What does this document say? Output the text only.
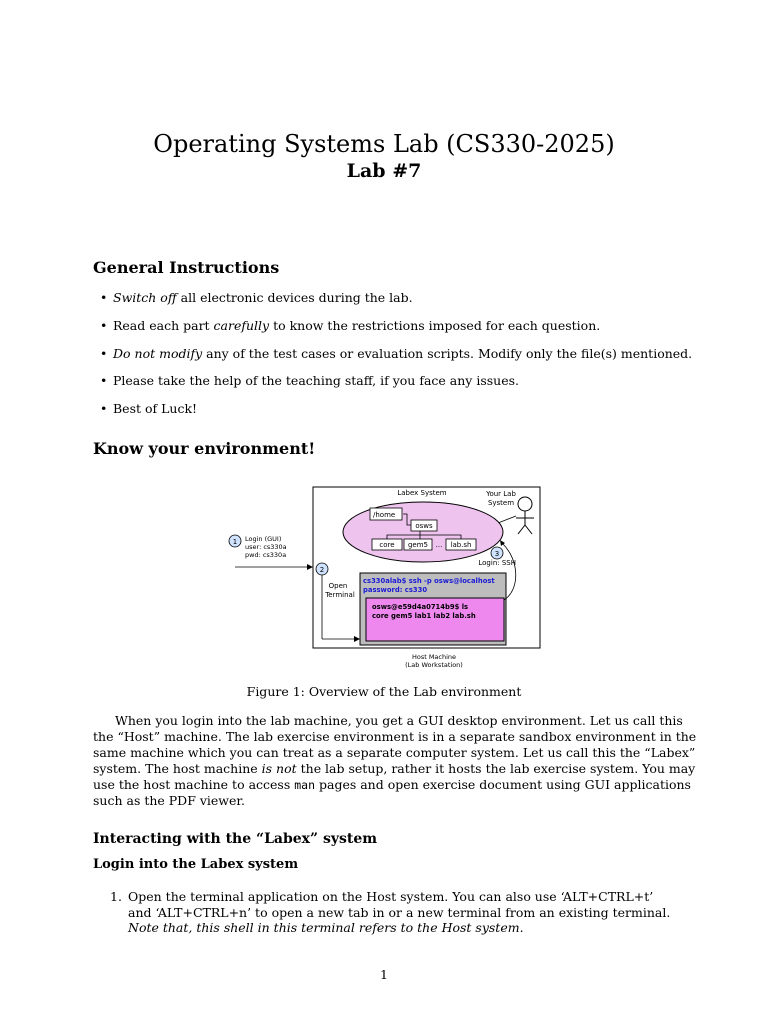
Operating Systems Lab (CS330-2025)
Lab #7
General Instructions
• Switch off all electronic devices during the lab.
• Read each part carefully to know the restrictions imposed for each question.
• Do not modify any of the test cases or evaluation scripts. Modify only the file(s) mentioned.
• Please take the help of the teaching staff, if you face any issues.
• Best of Luck!
Know your environment!
Labex System	Your Lab
System
/home
osws
core gem5 ... lab.sh
3
Login: SSH
1 Login (GUI)
user: cs330a
pwd: cs330a
2
Open
Terminal
cs330alab$ ssh -p osws@localhost
password: cs330
osws@e59d4a0714b9$ ls
core gem5 lab1 lab2 lab.sh
Host Machine
(Lab Workstation)
Figure 1: Overview of the Lab environment
When you login into the lab machine, you get a GUI desktop environment. Let us call this
the “Host” machine. The lab exercise environment is in a separate sandbox environment in the
same machine which you can treat as a separate computer system. Let us call this the “Labex”
system. The host machine is not the lab setup, rather it hosts the lab exercise system. You may
use the host machine to access man pages and open exercise document using GUI applications
such as the PDF viewer.
Interacting with the “Labex” system
Login into the Labex system
1. Open the terminal application on the Host system. You can also use ‘ALT+CTRL+t’
and ‘ALT+CTRL+n’ to open a new tab in or a new terminal from an existing terminal.
Note that, this shell in this terminal refers to the Host system.
1
